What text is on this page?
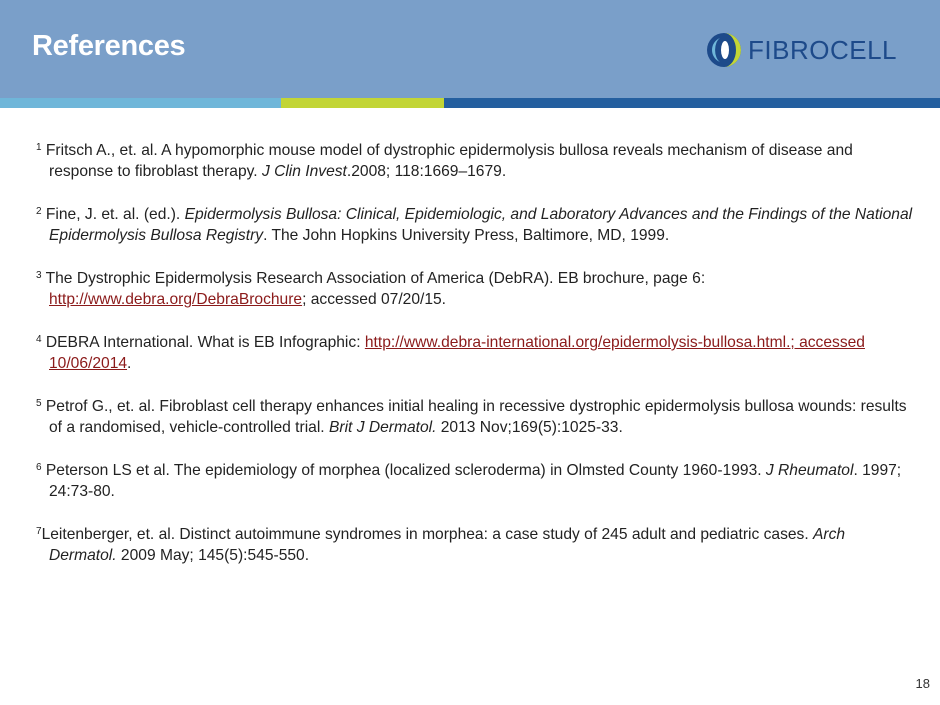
References	FIBROCELL
$^1$ Fritsch A., et. al. A hypomorphic mouse model of dystrophic epidermolysis bullosa reveals mechanism of disease and response to fibroblast therapy. J Clin Invest.2008; 118:1669–1679.
$^2$ Fine, J. et. al. (ed.). Epidermolysis Bullosa: Clinical, Epidemiologic, and Laboratory Advances and the Findings of the National Epidermolysis Bullosa Registry. The John Hopkins University Press, Baltimore, MD, 1999.
$^3$ The Dystrophic Epidermolysis Research Association of America (DebRA). EB brochure, page 6: http://www.debra.org/DebraBrochure; accessed 07/20/15.
$^4$ DEBRA International. What is EB Infographic: http://www.debra-international.org/epidermolysis-bullosa.html.; accessed 10/06/2014.
$^5$ Petrof G., et. al. Fibroblast cell therapy enhances initial healing in recessive dystrophic epidermolysis bullosa wounds: results of a randomised, vehicle-controlled trial. Brit J Dermatol. 2013 Nov;169(5):1025-33.
$^6$ Peterson LS et al. The epidemiology of morphea (localized scleroderma) in Olmsted County 1960-1993. J Rheumatol. 1997; 24:73-80.
$^7$Leitenberger, et. al. Distinct autoimmune syndromes in morphea: a case study of 245 adult and pediatric cases. Arch Dermatol. 2009 May; 145(5):545-550.
18
